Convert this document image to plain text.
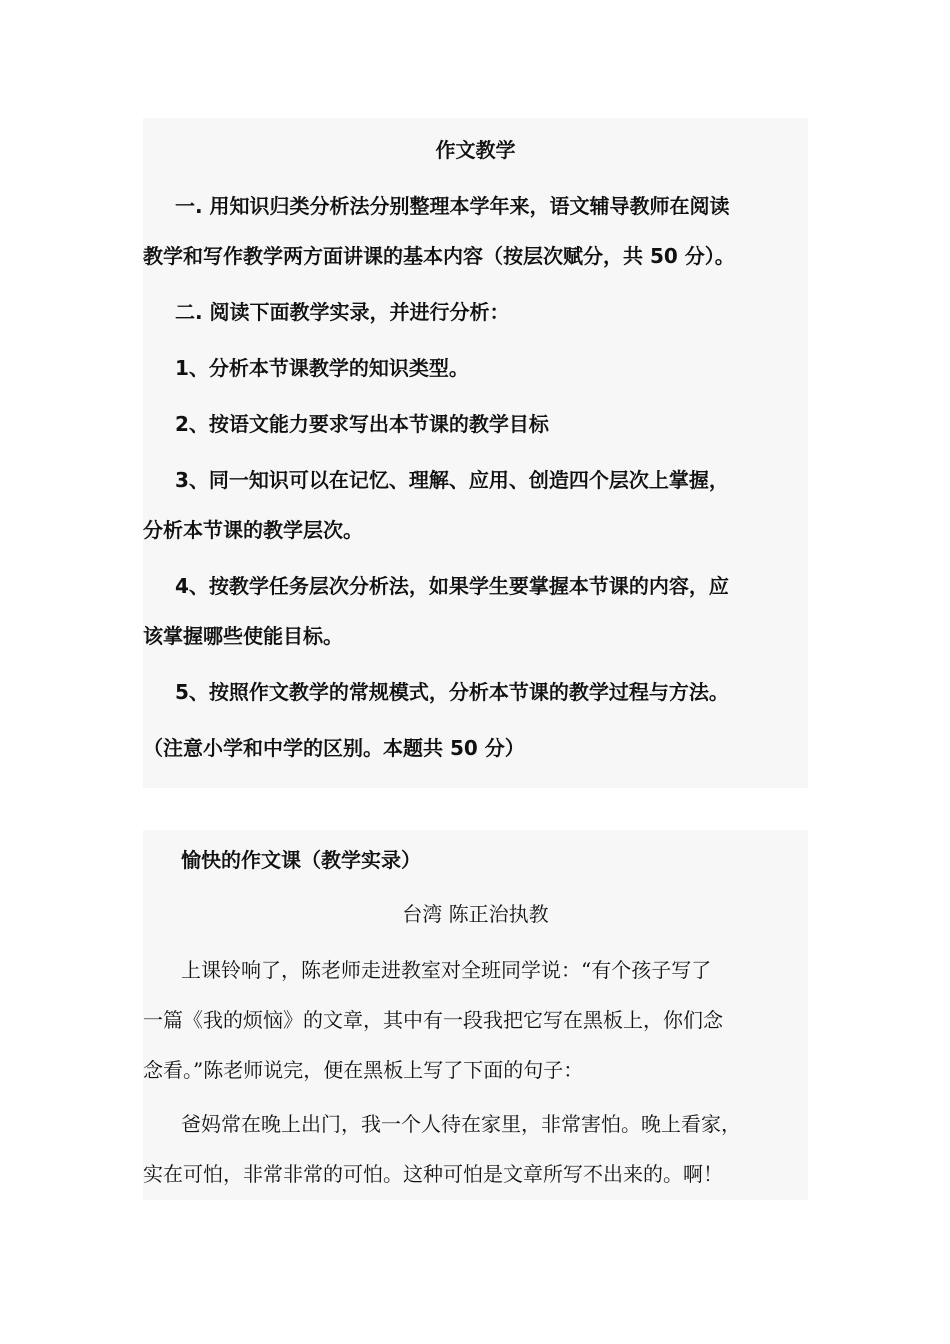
作文教学
一. 用知识归类分析法分别整理本学年来，语文辅导教师在阅读
教学和写作教学两方面讲课的基本内容（按层次赋分，共 50 分）。
二. 阅读下面教学实录，并进行分析：
1、分析本节课教学的知识类型。
2、按语文能力要求写出本节课的教学目标
3、同一知识可以在记忆、理解、应用、创造四个层次上掌握，
分析本节课的教学层次。
4、按教学任务层次分析法，如果学生要掌握本节课的内容，应
该掌握哪些使能目标。
5、按照作文教学的常规模式，分析本节课的教学过程与方法。
（注意小学和中学的区别。本题共 50 分）
愉快的作文课（教学实录）
台湾 陈正治执教
上课铃响了，陈老师走进教室对全班同学说：“有个孩子写了
一篇《我的烦恼》的文章，其中有一段我把它写在黑板上，你们念
念看。”陈老师说完，便在黑板上写了下面的句子：
爸妈常在晚上出门，我一个人待在家里，非常害怕。晚上看家，
实在可怕，非常非常的可怕。这种可怕是文章所写不出来的。啊！
